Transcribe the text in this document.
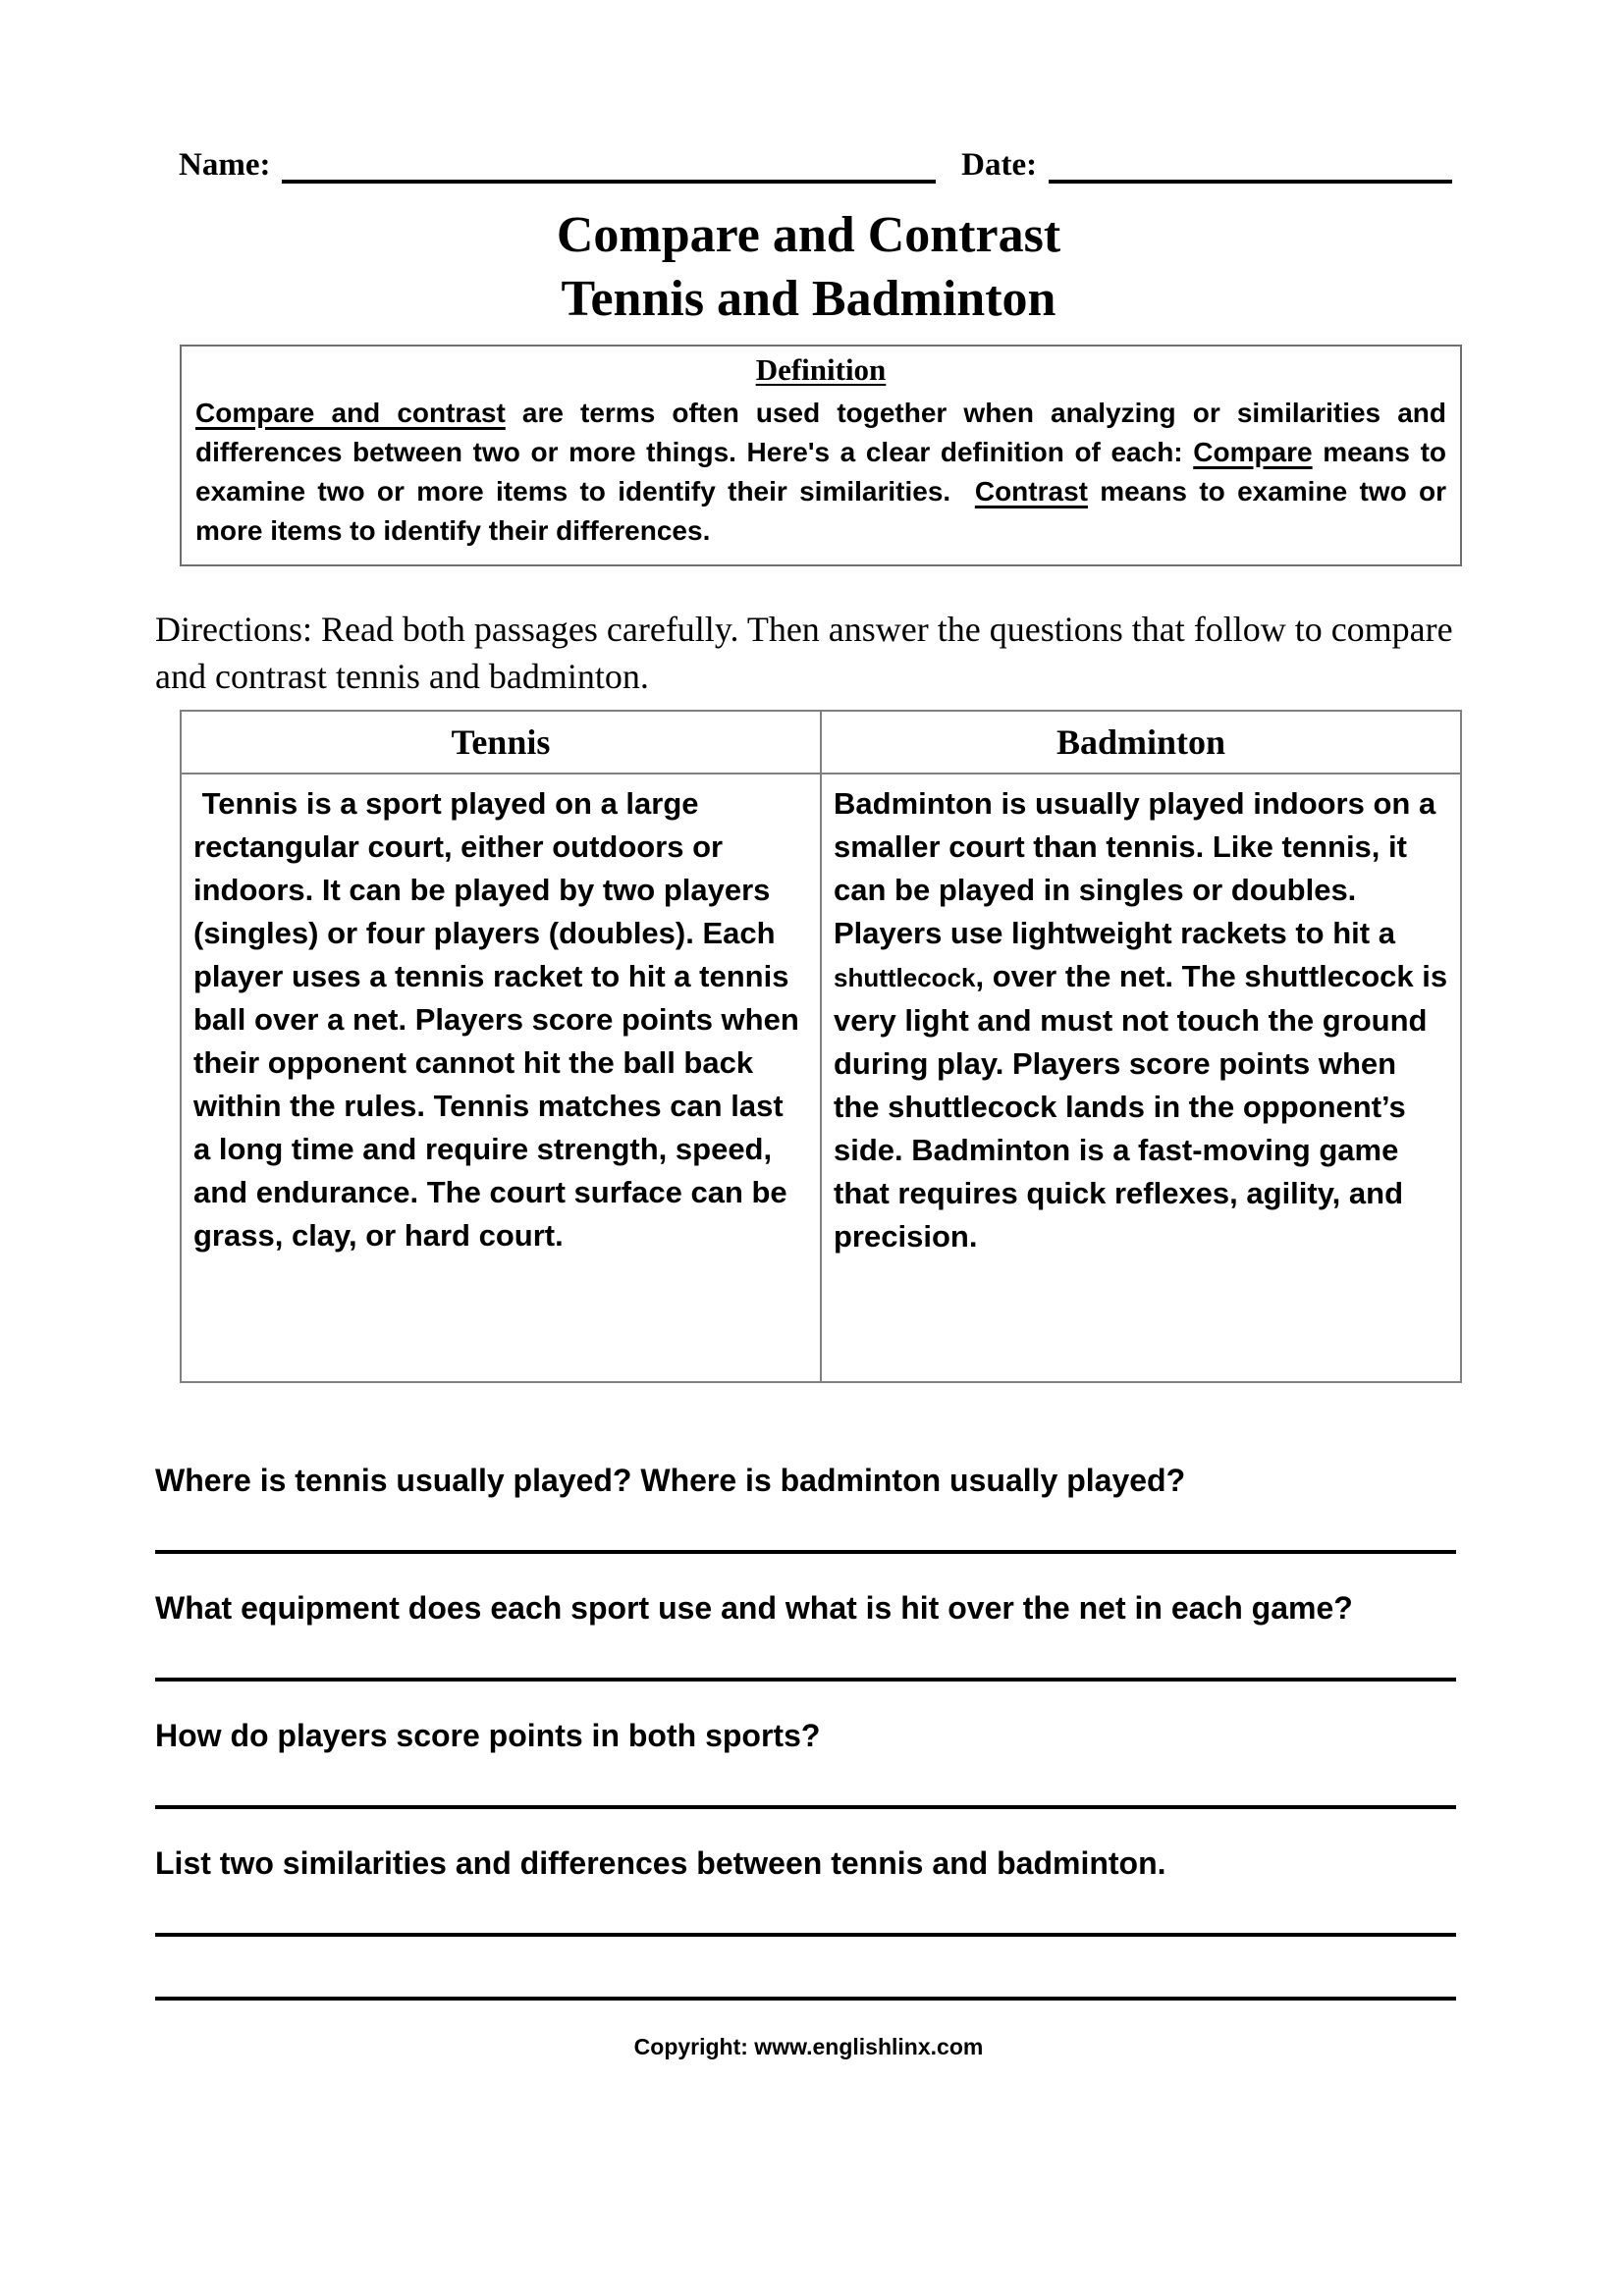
Name:	Date:
Compare and Contrast
Tennis and Badminton
Definition

Compare and contrast are terms often used together when analyzing or similarities and differences between two or more things. Here's a clear definition of each: Compare means to examine two or more items to identify their similarities.  Contrast means to examine two or more items to identify their differences.

Directions: Read both passages carefully. Then answer the questions that follow to compare and contrast tennis and badminton.

Tennis	Badminton
Tennis is a sport played on a large rectangular court, either outdoors or indoors. It can be played by two players (singles) or four players (doubles). Each player uses a tennis racket to hit a tennis ball over a net. Players score points when their opponent cannot hit the ball back within the rules. Tennis matches can last a long time and require strength, speed, and endurance. The court surface can be grass, clay, or hard court.	Badminton is usually played indoors on a smaller court than tennis. Like tennis, it can be played in singles or doubles. Players use lightweight rackets to hit a shuttlecock, over the net. The shuttlecock is very light and must not touch the ground during play. Players score points when the shuttlecock lands in the opponent’s side. Badminton is a fast-moving game that requires quick reflexes, agility, and precision.
Where is tennis usually played? Where is badminton usually played?
What equipment does each sport use and what is hit over the net in each game?
How do players score points in both sports?
List two similarities and differences between tennis and badminton.
Copyright: www.englishlinx.com
